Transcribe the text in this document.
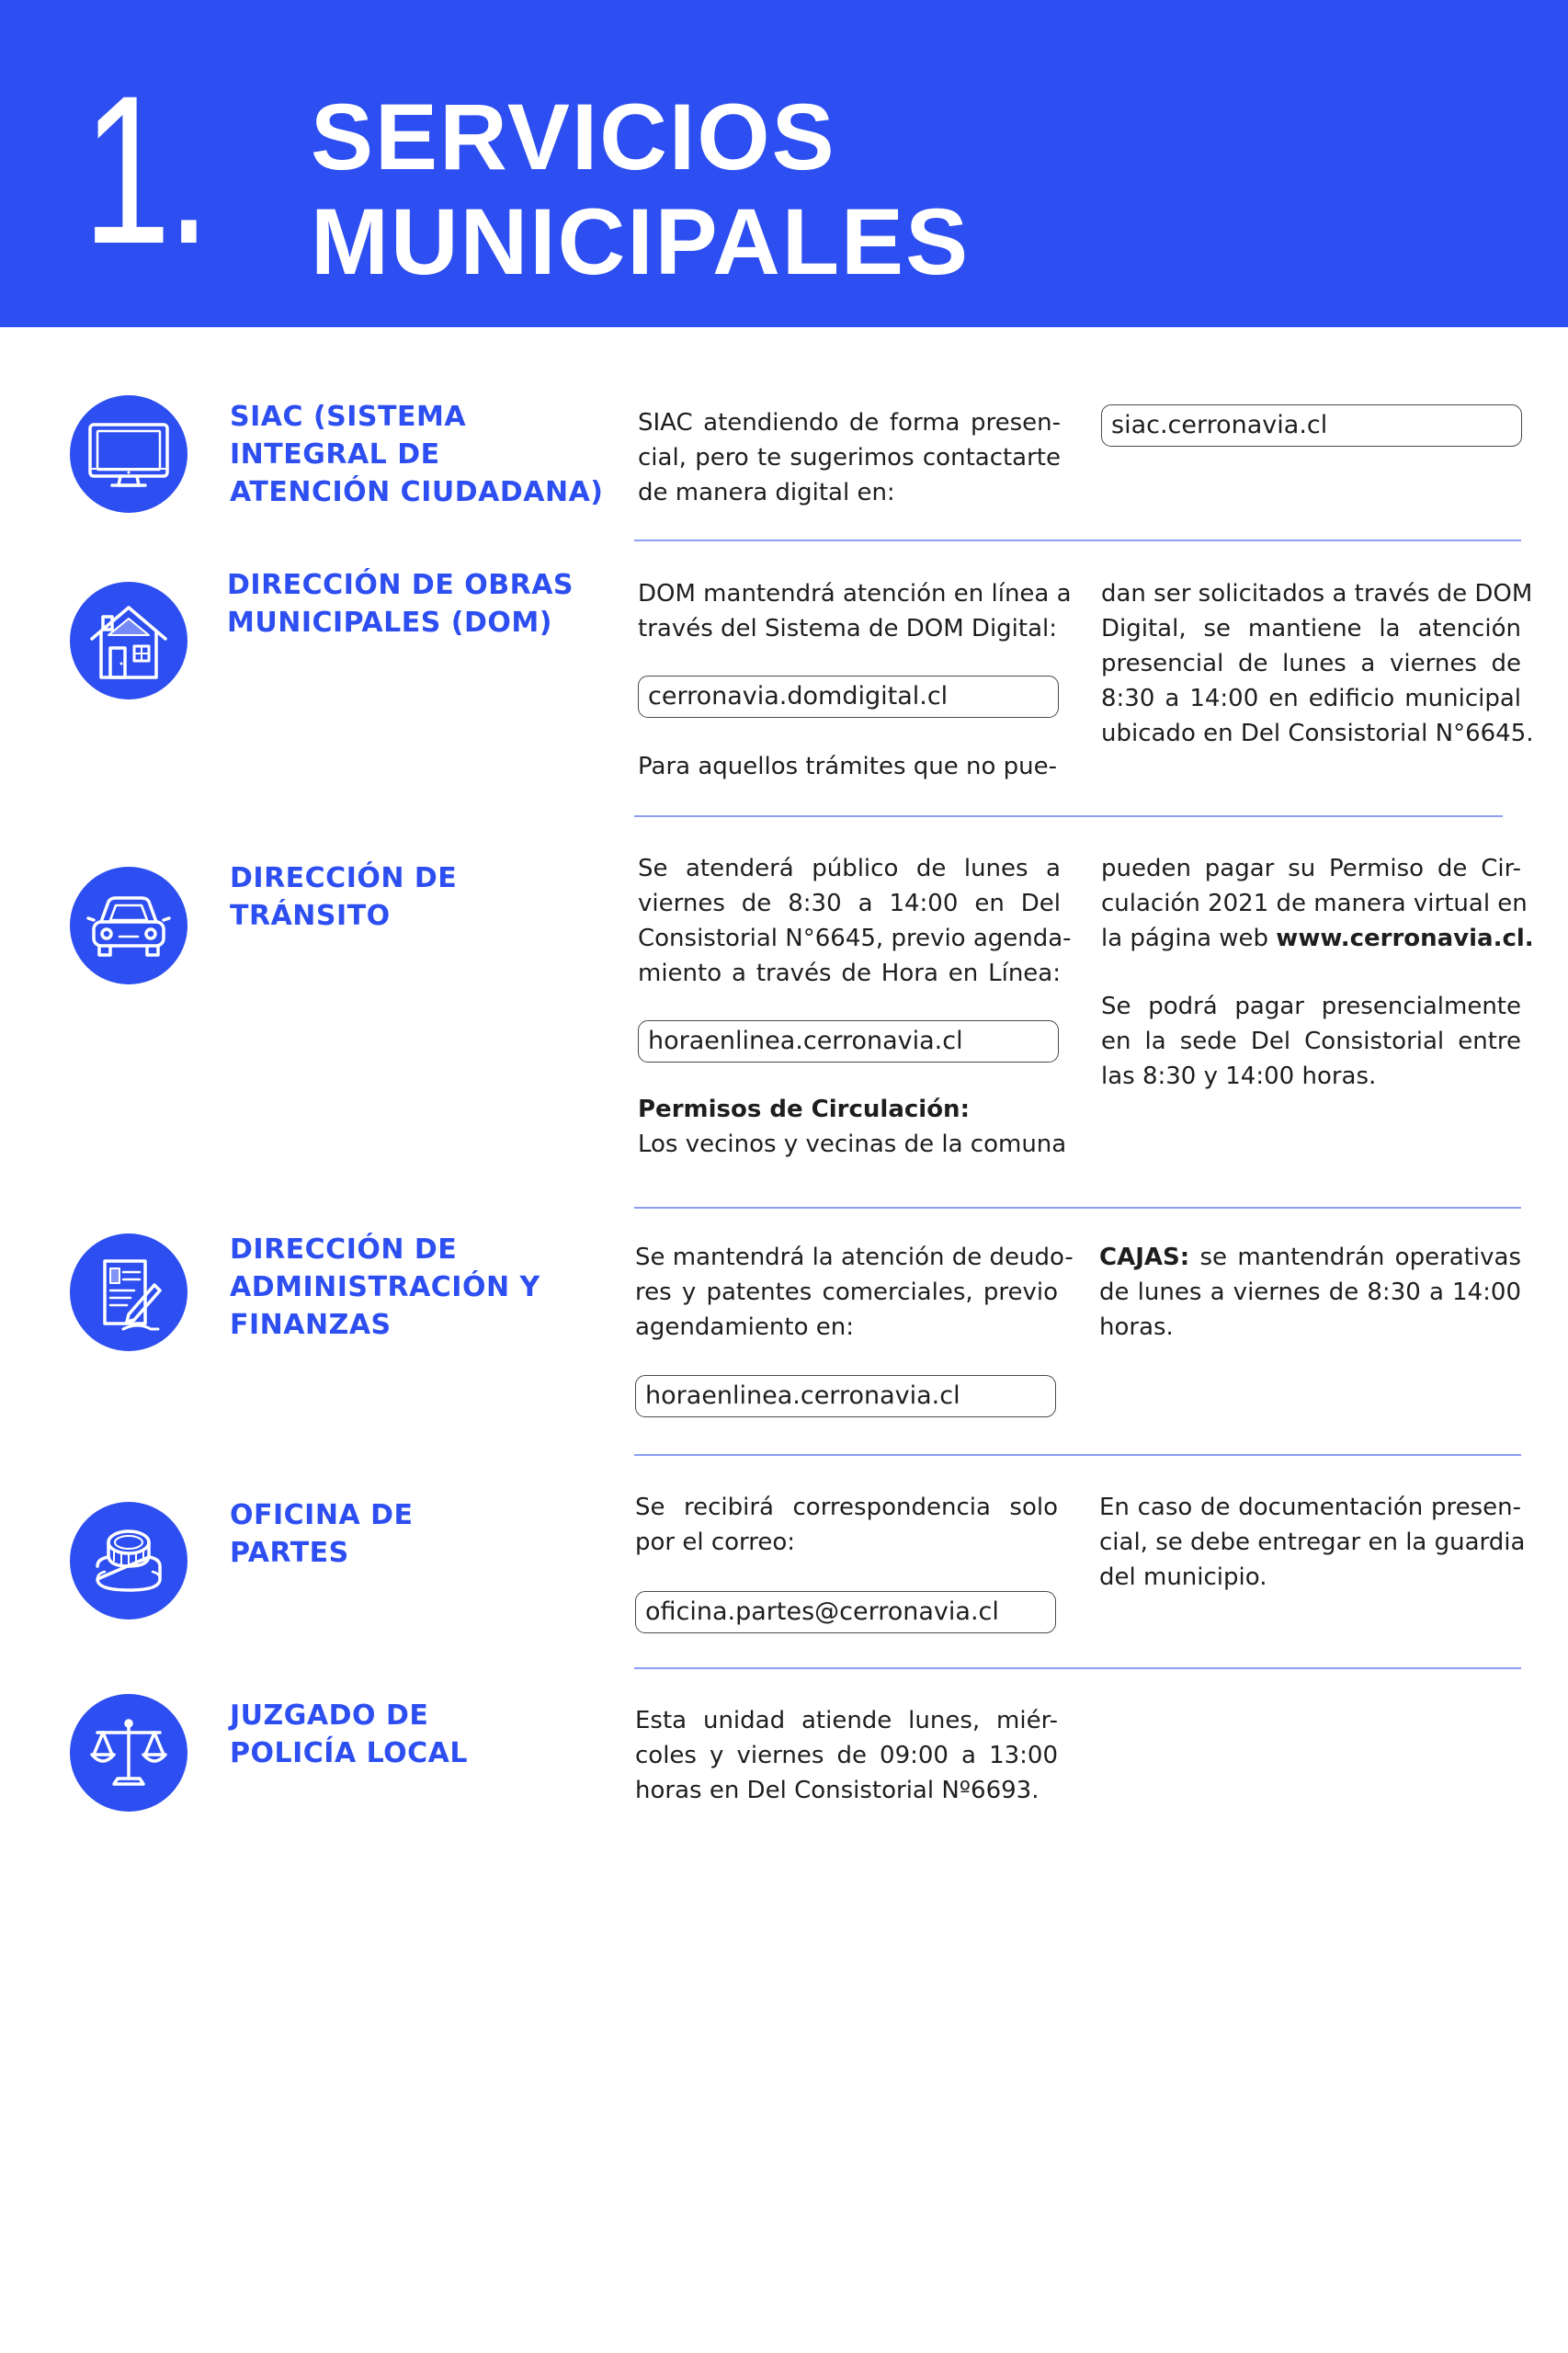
1. SERVICIOS
MUNICIPALES
SIAC (SISTEMA
INTEGRAL DE
ATENCIÓN CIUDADANA)
SIAC atendiendo de forma presen-
cial, pero te sugerimos contactarte
de manera digital en:
siac.cerronavia.cl
DIRECCIÓN DE OBRAS
MUNICIPALES (DOM)
DOM mantendrá atención en línea a
través del Sistema de DOM Digital:
cerronavia.domdigital.cl
Para aquellos trámites que no pue-
dan ser solicitados a través de DOM
Digital, se mantiene la atención
presencial de lunes a viernes de
8:30 a 14:00 en edificio municipal
ubicado en Del Consistorial N°6645.
DIRECCIÓN DE
TRÁNSITO
Se atenderá público de lunes a
viernes de 8:30 a 14:00 en Del
Consistorial N°6645, previo agenda-
miento a través de Hora en Línea:
horaenlinea.cerronavia.cl
Permisos de Circulación:
Los vecinos y vecinas de la comuna
pueden pagar su Permiso de Cir-
culación 2021 de manera virtual en
la página web www.cerronavia.cl.
Se podrá pagar presencialmente
en la sede Del Consistorial entre
las 8:30 y 14:00 horas.
DIRECCIÓN DE
ADMINISTRACIÓN Y
FINANZAS
Se mantendrá la atención de deudo-
res y patentes comerciales, previo
agendamiento en:
horaenlinea.cerronavia.cl
CAJAS: se mantendrán operativas
de lunes a viernes de 8:30 a 14:00
horas.
OFICINA DE
PARTES
Se recibirá correspondencia solo
por el correo:
oficina.partes@cerronavia.cl
En caso de documentación presen-
cial, se debe entregar en la guardia
del municipio.
JUZGADO DE
POLICÍA LOCAL
Esta unidad atiende lunes, miér-
coles y viernes de 09:00 a 13:00
horas en Del Consistorial Nº6693.
